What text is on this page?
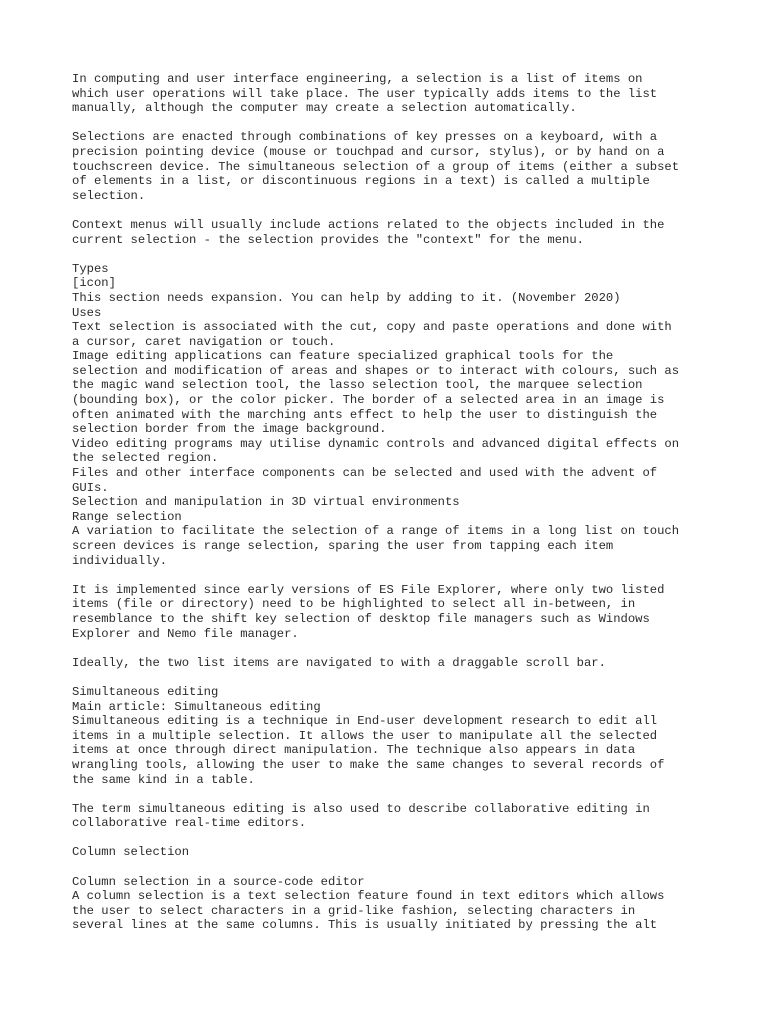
In computing and user interface engineering, a selection is a list of items on
which user operations will take place. The user typically adds items to the list
manually, although the computer may create a selection automatically.
Selections are enacted through combinations of key presses on a keyboard, with a
precision pointing device (mouse or touchpad and cursor, stylus), or by hand on a
touchscreen device. The simultaneous selection of a group of items (either a subset
of elements in a list, or discontinuous regions in a text) is called a multiple
selection.
Context menus will usually include actions related to the objects included in the
current selection - the selection provides the "context" for the menu.
Types
[icon]
This section needs expansion. You can help by adding to it. (November 2020)
Uses
Text selection is associated with the cut, copy and paste operations and done with
a cursor, caret navigation or touch.
Image editing applications can feature specialized graphical tools for the
selection and modification of areas and shapes or to interact with colours, such as
the magic wand selection tool, the lasso selection tool, the marquee selection
(bounding box), or the color picker. The border of a selected area in an image is
often animated with the marching ants effect to help the user to distinguish the
selection border from the image background.
Video editing programs may utilise dynamic controls and advanced digital effects on
the selected region.
Files and other interface components can be selected and used with the advent of
GUIs.
Selection and manipulation in 3D virtual environments
Range selection
A variation to facilitate the selection of a range of items in a long list on touch
screen devices is range selection, sparing the user from tapping each item
individually.
It is implemented since early versions of ES File Explorer, where only two listed
items (file or directory) need to be highlighted to select all in-between, in
resemblance to the shift key selection of desktop file managers such as Windows
Explorer and Nemo file manager.
Ideally, the two list items are navigated to with a draggable scroll bar.
Simultaneous editing
Main article: Simultaneous editing
Simultaneous editing is a technique in End-user development research to edit all
items in a multiple selection. It allows the user to manipulate all the selected
items at once through direct manipulation. The technique also appears in data
wrangling tools, allowing the user to make the same changes to several records of
the same kind in a table.
The term simultaneous editing is also used to describe collaborative editing in
collaborative real-time editors.
Column selection
Column selection in a source-code editor
A column selection is a text selection feature found in text editors which allows
the user to select characters in a grid-like fashion, selecting characters in
several lines at the same columns. This is usually initiated by pressing the alt
